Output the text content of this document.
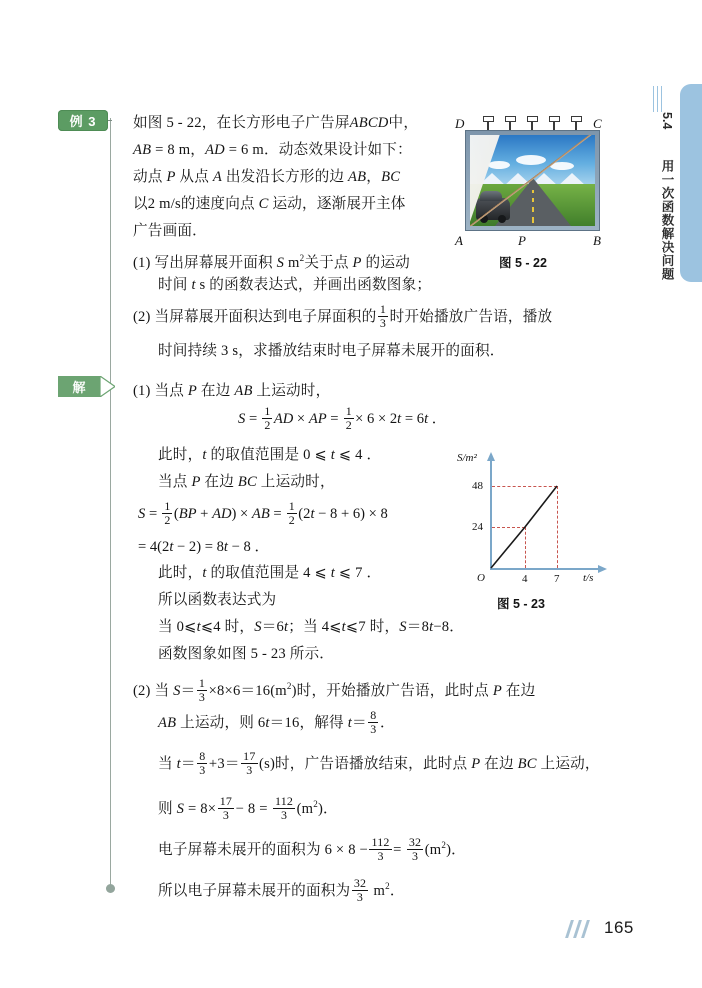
5.4  用一次函数解决问题
例 3	如图 5 - 22，在长方形电子广告屏ABCD中，
AB = 8 m，AD = 6 m．动态效果设计如下：
动点 P 从点 A 出发沿长方形的边 AB，BC
以2 m/s的速度向点 C 运动，逐渐展开主体
广告画面．
(1) 写出屏幕展开面积 S $m^2$关于点 P 的运动
时间 t s 的函数表达式，并画出函数图象；
(2) 当屏幕展开面积达到电子屏面积的 $\frac{1}{3}$ 时开始播放广告语，播放
时间持续 3 s，求播放结束时电子屏幕未展开的面积．
解	(1) 当点 P 在边 AB 上运动时，
$S = \frac{1}{2}$ AD × AP = $\frac{1}{2} \times 6 \times 2t = 6t$ ．
此时，t 的取值范围是 0 ⩽ t ⩽ 4 ．
当点 P 在边 BC 上运动时，
$S = \frac{1}{2} (BP + AD)$ × AB = $\frac{1}{2} (2t - 8 + 6) \times 8$
= 4(2t − 2) = 8t − 8 ．
此时，t 的取值范围是 4 ⩽ t ⩽ 7 ．
所以函数表达式为
当 0⩽t⩽4 时，S＝6t；当 4⩽t⩽7 时，S＝8t−8．
函数图象如图 5 - 23 所示．
(2) 当 $S= \frac{1}{3} \times 8\times 6=16(m^2)$时，开始播放广告语，此时点 P 在边
AB 上运动，则 6t＝16，解得 $t= \frac{8}{3}$ ．
当 $t= \frac{8}{3} +3= \frac{17}{3} (s)$时，广告语播放结束，此时点 P 在边 BC 上运动，
则 $S = 8\times \frac{17}{3} - 8 = \frac{112}{3} (m^2)$．
电子屏幕未展开的面积为 $6 \times 8 - \frac{112}{3} = \frac{32}{3} (m^2)$．
所以电子屏幕未展开的面积为 $\frac{32}{3} m^2$．
D	C
A	B
P
图 5 - 22
48
24
4 7
O
S/m²
t/s
图 5 - 23
165
